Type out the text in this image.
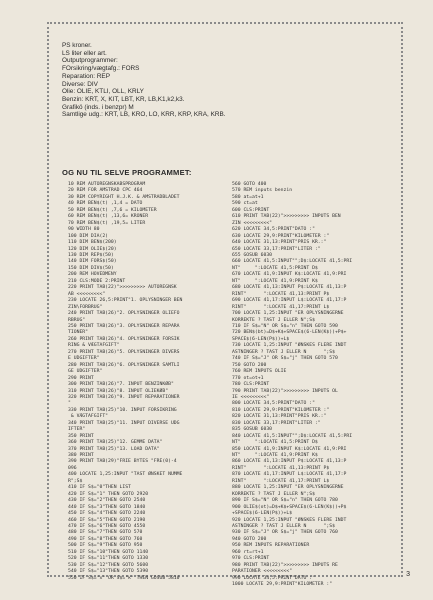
PS kroner.
LS liter eller art.
Outputprogrammer:
FOrsikring/vægtafg.: FORS
Reparation: REP
Diverse: DIV
Olie: OLIE, KTLI, OLL, KRLY
Benzin: KRT, X, KIT, LBT, KR, LB,K1,k2,k3.
Grafikö (inds. i benzpr) M
Samtlige udg.: KRT, LB, KRO, LO, KRR, KRP, KRA, KRB.
OG NU TIL SELVE PROGRAMMET:
10 REM AUTOREGNSKABSPROGRAM
20 REM FOR AMSTRAD CPC 464
30 REM COPYRIGHT H.J.K. & AMSTRADBLADET
40 REM BEN$(t) ,1,4 = DATO
50 REM BEN$(t) ,7,6 = KILOMETER
60 REM BEN$(t) ,13,6= KRONER
70 REM BEN$(t) ,19,5= LITER
90 WIDTH 80
100 DIM DIA(2)
110 DIM BEN$(200)
120 DIM OLIE$(20)
130 DIM REP$(50)
140 DIM FORS$(50)
150 DIM DIV$(50)
200 REM HOVEDMENY
210 CLS:MODE 2:PRINT
220 PRINT TAB(22)">>>>>>>>> AUTOREGNSK
AB <<<<<<<<<"
230 LOCATE 26,5:PRINT"1. OPLYSNINGER BEN
ZIN\FORBRUG"
240 PRINT TAB(26)"2. OPLYSNINGER OLIEFO
RBRUG"
250 PRINT TAB(26)"3. OPLYSNINGER REPARA
TIONER"
260 PRINT TAB(26)"4. OPLYSNINGER FORSIK
RING & VÆGTAFGIFT"
270 PRINT TAB(26)"5. OPLYSNINGER DIVERS
E UDGIFTER"
280 PRINT TAB(26)"6. OPLYSNINGER SAMTLI
GE UDGIFTER"
290 PRINT
300 PRINT TAB(26)"7. INPUT BENZINKØB"
310 PRINT TAB(26)"8. INPUT OLIEKØB"
320 PRINT TAB(26)"9. INPUT REPARATIONER
"
330 PRINT TAB(25)"10. INPUT FORSIKRING
& VÆGTAFGIFT"
340 PRINT TAB(25)"11. INPUT DIVERSE UDG
IFTER"
350 PRINT
360 PRINT TAB(25)"12. GEMME DATA"
370 PRINT TAB(25)"13. LOAD DATA"
380 PRINT
390 PRINT TAB(29)"FRIE BYTES "FRE(0)-4
096
400 LOCATE 1,25:INPUT "TAST ØNSKET NUMME
R";S$
410 IF S$="0"THEN LIST
420 IF S$="1" THEN GOTO 2920
430 IF S$="2"THEN GOTO 2540
440 IF S$="3"THEN GOTO 1840
450 IF S$="4"THEN GOTO 2240
460 IF S$="5"THEN GOTO 2190
470 IF S$="6"THEN GOTO 4550
480 IF S$="7"THEN GOTO 570
490 IF S$="8"THEN GOTO 760
500 IF S$="9"THEN GOTO 950
510 IF S$="10"THEN GOTO 1140
520 IF S$="11"THEN GOTO 1330
530 IF S$="12"THEN GOTO 5600
540 IF S$="13"THEN GOTO 5390
550 IF S$="x" OR S$="k" THEN GOSUB 5810
560 GOTO 400
570 REM inputs benzin
580 at=at+1
590 ct=at
600 CLS:PRINT
610 PRINT TAB(22)">>>>>>>>> INPUTS BEN
ZIN <<<<<<<<<"
620 LOCATE 34,5:PRINT"DATO :"
630 LOCATE 29,9:PRINT"KILOMETER :"
640 LOCATE 31,13:PRINT"PRIS KR.:"
650 LOCATE 33,17:PRINT"LITER :"
655 GOSUB 6030
660 LOCATE 41,5:INPUT"";D$:LOCATE 41,5:PRI
NT"     ":LOCATE 41,5:PRINT D$
670 LOCATE 41,9:INPUT K$:LOCATE 41,9:PRI
NT"     ":LOCATE 41,9:PRINT K$
680 LOCATE 41,13:INPUT P$:LOCATE 41,13:P
RINT"      ":LOCATE 41,13:PRINT P$
690 LOCATE 41,17:INPUT L$:LOCATE 41,17:P
RINT"      ":LOCATE 41,17:PRINT L$
700 LOCATE 1,25:INPUT "ER OPLYSNINGERNE
KORREKTE ? TAST J ELLER N";S$
710 IF S$="N" OR S$="n" THEN GOTO 590
720 BEN$(bt)=D$+K$+SPACE$(6-LEN(K$))+P$+
SPACE$(6-LEN(P$))+L$
730 LOCATE 1,25:INPUT "ØNSKES FLERE INDT
ASTNINGER ? TAST J ELLER N      ";S$
740 IF S$="J" OR S$="j" THEN GOTO 570
750 GOTO 200
760 REM INPUTS OLIE
770 ot=ot+1
780 CLS:PRINT
790 PRINT TAB(22)">>>>>>>>> INPUTS OL
IE <<<<<<<<<"
800 LOCATE 34,5:PRINT"DATO :"
810 LOCATE 29,9:PRINT"KILOMETER :"
820 LOCATE 31,13:PRINT"PRIS KR.:"
830 LOCATE 33,17:PRINT"LITER :"
835 GOSUB 6030
840 LOCATE 41,5:INPUT"";D$:LOCATE 41,5:PRI
NT"     ":LOCATE 41,5:PRINT D$
850 LOCATE 41,9:INPUT K$:LOCATE 41,9:PRI
NT"     ":LOCATE 41,9:PRINT K$
860 LOCATE 41,13:INPUT P$:LOCATE 41,13:P
RINT"      ":LOCATE 41,13:PRINT P$
870 LOCATE 41,17:INPUT L$:LOCATE 41,17:P
RINT"      ":LOCATE 41,17:PRINT L$
880 LOCATE 1,25:INPUT "ER OPLYSNINGERNE
KORREKTE ? TAST J ELLER N";S$
890 IF S$="N" OR S$="n" THEN GOTO 780
900 OLIE$(ot)=D$+K$+SPACE$(6-LEN(K$))+P$
+SPACE$(6-LEN(P$))+L$
920 LOCATE 1,25:INPUT "ØNSKES FLERE INDT
ASTNINGER ? TAST J ELLER N      ";S$
930 IF S$="J" OR S$="j" THEN GOTO 760
940 GOTO 200
950 REM INPUTS REPARATIONER
960 rt=rt+1
970 CLS:PRINT
980 PRINT TAB(22)">>>>>>>>> INPUTS RE
PARATIONER <<<<<<<<<"
990 LOCATE 34,5:PRINT"DATO :"
1000 LOCATE 29,9:PRINT"KILOMETER :"
3
